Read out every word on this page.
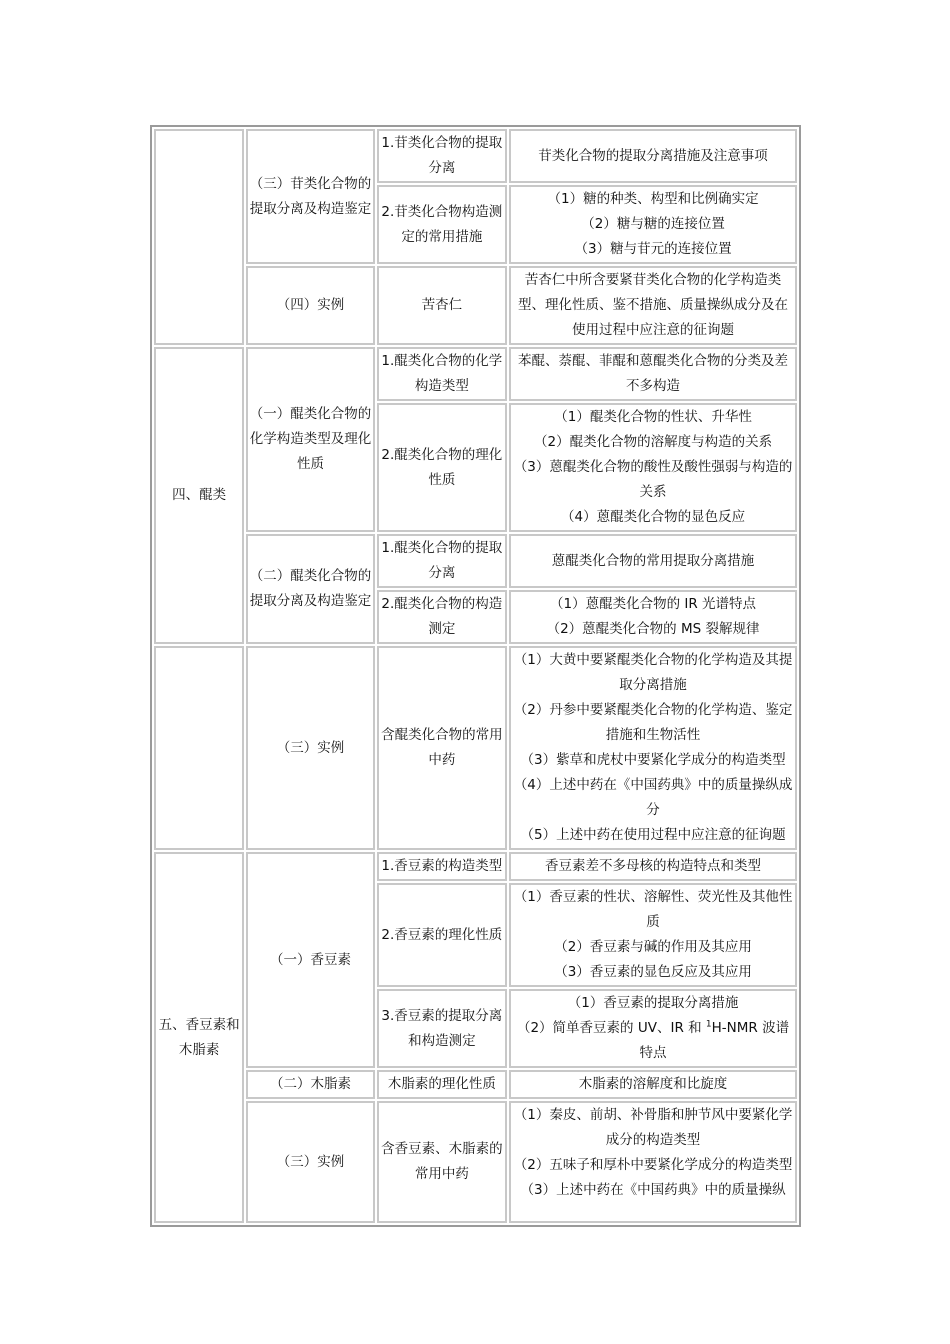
	（三）苷类化合物的提取分离及构造鉴定	1.苷类化合物的提取分离	苷类化合物的提取分离措施及注意事项
		2.苷类化合物构造测定的常用措施	（1）糖的种类、构型和比例确实定
（2）糖与糖的连接位置
（3）糖与苷元的连接位置

	（四）实例	苦杏仁	苦杏仁中所含要紧苷类化合物的化学构造类型、理化性质、鉴不措施、质量操纵成分及在使用过程中应注意的征询题
四、醌类	（一）醌类化合物的化学构造类型及理化性质	1.醌类化合物的化学构造类型	苯醌、萘醌、菲醌和蒽醌类化合物的分类及差不多构造
		2.醌类化合物的理化性质	（1）醌类化合物的性状、升华性
（2）醌类化合物的溶解度与构造的关系
（3）蒽醌类化合物的酸性及酸性强弱与构造的关系
（4）蒽醌类化合物的显色反应

	（二）醌类化合物的提取分离及构造鉴定	1.醌类化合物的提取分离	蒽醌类化合物的常用提取分离措施
		2.醌类化合物的构造测定	（1）蒽醌类化合物的 IR 光谱特点
（2）蒽醌类化合物的 MS 裂解规律

	（三）实例	含醌类化合物的常用中药	（1）大黄中要紧醌类化合物的化学构造及其提取分离措施
（2）丹参中要紧醌类化合物的化学构造、鉴定措施和生物活性
（3）紫草和虎杖中要紧化学成分的构造类型
（4）上述中药在《中国药典》中的质量操纵成分
（5）上述中药在使用过程中应注意的征询题

五、香豆素和木脂素	（一）香豆素	1.香豆素的构造类型	香豆素差不多母核的构造特点和类型
		2.香豆素的理化性质	（1）香豆素的性状、溶解性、荧光性及其他性质
（2）香豆素与碱的作用及其应用
（3）香豆素的显色反应及其应用

		3.香豆素的提取分离和构造测定	（1）香豆素的提取分离措施
（2）简单香豆素的 UV、IR 和 $^1$H-NMR 波谱特点

	（二）木脂素	木脂素的理化性质	木脂素的溶解度和比旋度
	（三）实例	含香豆素、木脂素的常用中药	（1）秦皮、前胡、补骨脂和肿节风中要紧化学成分的构造类型
（2）五味子和厚朴中要紧化学成分的构造类型
（3）上述中药在《中国药典》中的质量操纵
